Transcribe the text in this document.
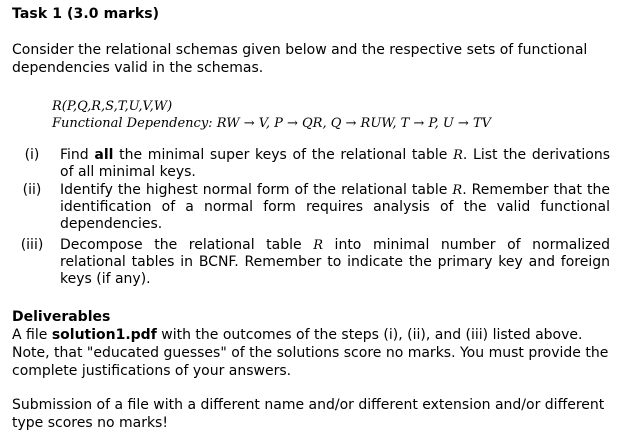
Task 1 (3.0 marks)
Consider the relational schemas given below and the respective sets of functional dependencies valid in the schemas.
R(P,Q,R,S,T,U,V,W)
Functional Dependency: RW → V, P → QR, Q → RUW, T → P, U → TV
(i)	Find all the minimal super keys of the relational table R. List the derivations of all minimal keys.
(ii)	Identify the highest normal form of the relational table R. Remember that the identification of a normal form requires analysis of the valid functional dependencies.
(iii)	Decompose the relational table R into minimal number of normalized relational tables in BCNF. Remember to indicate the primary key and foreign keys (if any).
Deliverables
A file solution1.pdf with the outcomes of the steps (i), (ii), and (iii) listed above. Note, that "educated guesses" of the solutions score no marks. You must provide the complete justifications of your answers.
Submission of a file with a different name and/or different extension and/or different type scores no marks!
